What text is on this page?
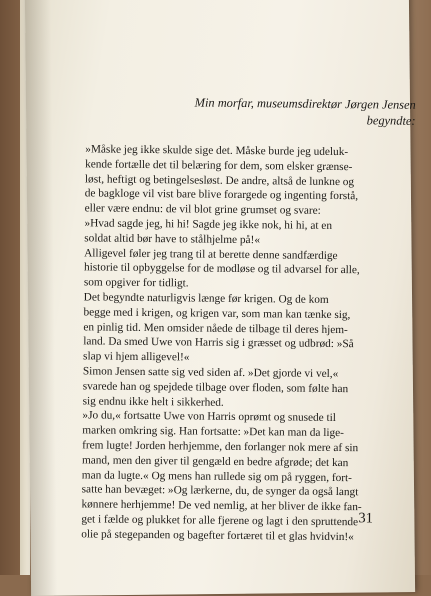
Min morfar, museumsdirektør Jørgen Jensen
begyndte:
»Måske jeg ikke skulde sige det. Måske burde jeg udeluk-
kende fortælle det til belæring for dem, som elsker grænse-
løst, heftigt og betingelsesløst. De andre, altså de lunkne og
de bagkloge vil vist bare blive forargede og ingenting forstå,
eller være endnu: de vil blot grine grumset og svare:
»Hvad sagde jeg, hi hi! Sagde jeg ikke nok, hi hi, at en
soldat altid bør have to stålhjelme på!«
Alligevel føler jeg trang til at berette denne sandfærdige
historie til opbyggelse for de modløse og til advarsel for alle,
som opgiver for tidligt.
Det begyndte naturligvis længe før krigen. Og de kom
begge med i krigen, og krigen var, som man kan tænke sig,
en pinlig tid. Men omsider nåede de tilbage til deres hjem-
land. Da smed Uwe von Harris sig i græsset og udbrød: »Så
slap vi hjem alligevel!«
Simon Jensen satte sig ved siden af. »Det gjorde vi vel,«
svarede han og spejdede tilbage over floden, som følte han
sig endnu ikke helt i sikkerhed.
»Jo du,« fortsatte Uwe von Harris oprømt og snusede til
marken omkring sig. Han fortsatte: »Det kan man da lige-
frem lugte! Jorden herhjemme, den forlanger nok mere af sin
mand, men den giver til gengæld en bedre afgrøde; det kan
man da lugte.« Og mens han rullede sig om på ryggen, fort-
satte han bevæget: »Og lærkerne, du, de synger da også langt
kønnere herhjemme! De ved nemlig, at her bliver de ikke fan-
get i fælde og plukket for alle fjerene og lagt i den spruttende
olie på stegepanden og bagefter fortæret til et glas hvidvin!«
31
